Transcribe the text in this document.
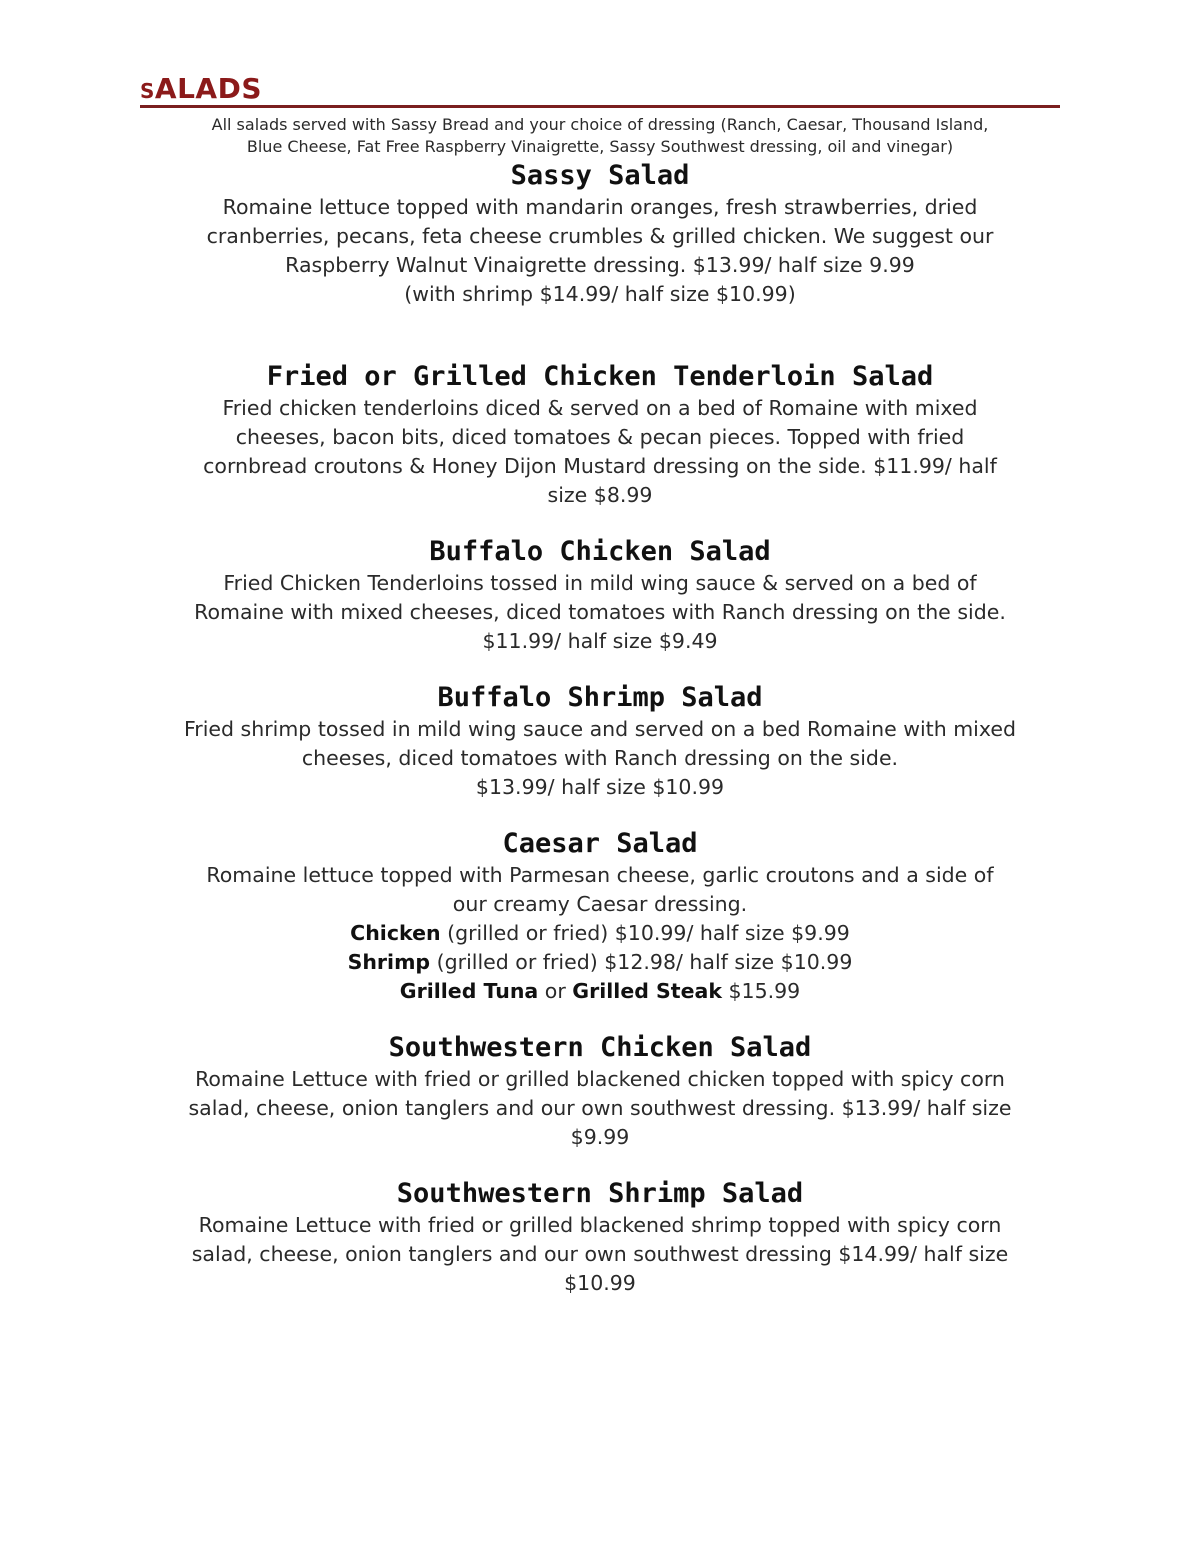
SALADS
All salads served with Sassy Bread and your choice of dressing (Ranch, Caesar, Thousand Island,
Blue Cheese, Fat Free Raspberry Vinaigrette, Sassy Southwest dressing, oil and vinegar)
Sassy Salad

Romaine lettuce topped with mandarin oranges, fresh strawberries, dried

cranberries, pecans, feta cheese crumbles & grilled chicken. We suggest our

Raspberry Walnut Vinaigrette dressing. $13.99/ half size 9.99

(with shrimp $14.99/ half size $10.99)

Fried or Grilled Chicken Tenderloin Salad

Fried chicken tenderloins diced & served on a bed of Romaine with mixed

cheeses, bacon bits, diced tomatoes & pecan pieces. Topped with fried

cornbread croutons & Honey Dijon Mustard dressing on the side. $11.99/ half

size $8.99

Buffalo Chicken Salad

Fried Chicken Tenderloins tossed in mild wing sauce & served on a bed of

Romaine with mixed cheeses, diced tomatoes with Ranch dressing on the side.

$11.99/ half size $9.49

Buffalo Shrimp Salad

Fried shrimp tossed in mild wing sauce and served on a bed Romaine with mixed

cheeses, diced tomatoes with Ranch dressing on the side.

$13.99/ half size $10.99

Caesar Salad

Romaine lettuce topped with Parmesan cheese, garlic croutons and a side of

our creamy Caesar dressing.

Chicken (grilled or fried) $10.99/ half size $9.99

Shrimp (grilled or fried) $12.98/ half size $10.99

Grilled Tuna or Grilled Steak $15.99

Southwestern Chicken Salad

Romaine Lettuce with fried or grilled blackened chicken topped with spicy corn

salad, cheese, onion tanglers and our own southwest dressing. $13.99/ half size

$9.99

Southwestern Shrimp Salad

Romaine Lettuce with fried or grilled blackened shrimp topped with spicy corn

salad, cheese, onion tanglers and our own southwest dressing $14.99/ half size

$10.99
